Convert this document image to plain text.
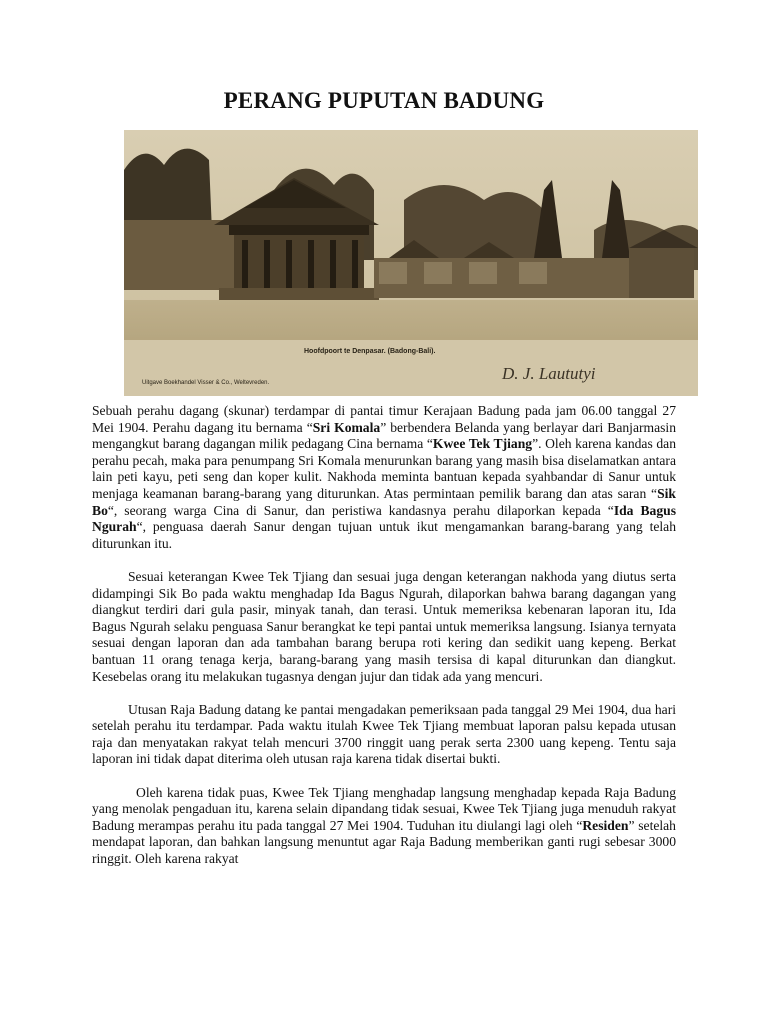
PERANG PUPUTAN BADUNG
Hoofdpoort te Denpasar. (Badong-Bali).
Uitgave Boekhandel Visser & Co., Weltevreden.	D. J. Laututyi

Sebuah perahu dagang (skunar) terdampar di pantai timur Kerajaan Badung pada jam 06.00 tanggal 27 Mei 1904. Perahu dagang itu bernama “Sri Komala” berbendera Belanda yang berlayar dari Banjarmasin mengangkut barang dagangan milik pedagang Cina bernama “Kwee Tek Tjiang”. Oleh karena kandas dan perahu pecah, maka para penumpang Sri Komala menurunkan barang yang masih bisa diselamatkan antara lain peti kayu, peti seng dan koper kulit. Nakhoda meminta bantuan kepada syahbandar di Sanur untuk menjaga keamanan barang-barang yang diturunkan. Atas permintaan pemilik barang dan atas saran “Sik Bo“, seorang warga Cina di Sanur, dan peristiwa kandasnya perahu dilaporkan kepada “Ida Bagus Ngurah“, penguasa daerah Sanur dengan tujuan untuk ikut mengamankan barang-barang yang telah diturunkan itu.

Sesuai keterangan Kwee Tek Tjiang dan sesuai juga dengan keterangan nakhoda yang diutus serta didampingi Sik Bo pada waktu menghadap Ida Bagus Ngurah, dilaporkan bahwa barang dagangan yang diangkut terdiri dari gula pasir, minyak tanah, dan terasi. Untuk memeriksa kebenaran laporan itu, Ida Bagus Ngurah selaku penguasa Sanur berangkat ke tepi pantai untuk memeriksa langsung. Isianya ternyata sesuai dengan laporan dan ada tambahan barang berupa roti kering dan sedikit uang kepeng. Berkat bantuan 11 orang tenaga kerja, barang-barang yang masih tersisa di kapal diturunkan dan diangkut. Kesebelas orang itu melakukan tugasnya dengan jujur dan tidak ada yang mencuri.

Utusan Raja Badung datang ke pantai mengadakan pemeriksaan pada tanggal 29 Mei 1904, dua hari setelah perahu itu terdampar. Pada waktu itulah Kwee Tek Tjiang membuat laporan palsu kepada utusan raja dan menyatakan rakyat telah mencuri 3700 ringgit uang perak serta 2300 uang kepeng. Tentu saja laporan ini tidak dapat diterima oleh utusan raja karena tidak disertai bukti.

Oleh karena tidak puas, Kwee Tek Tjiang menghadap langsung menghadap kepada Raja Badung yang menolak pengaduan itu, karena selain dipandang tidak sesuai, Kwee Tek Tjiang juga menuduh rakyat Badung merampas perahu itu pada tanggal 27 Mei 1904. Tuduhan itu diulangi lagi oleh “Residen” setelah mendapat laporan, dan bahkan langsung menuntut agar Raja Badung memberikan ganti rugi sebesar 3000 ringgit. Oleh karena rakyat
